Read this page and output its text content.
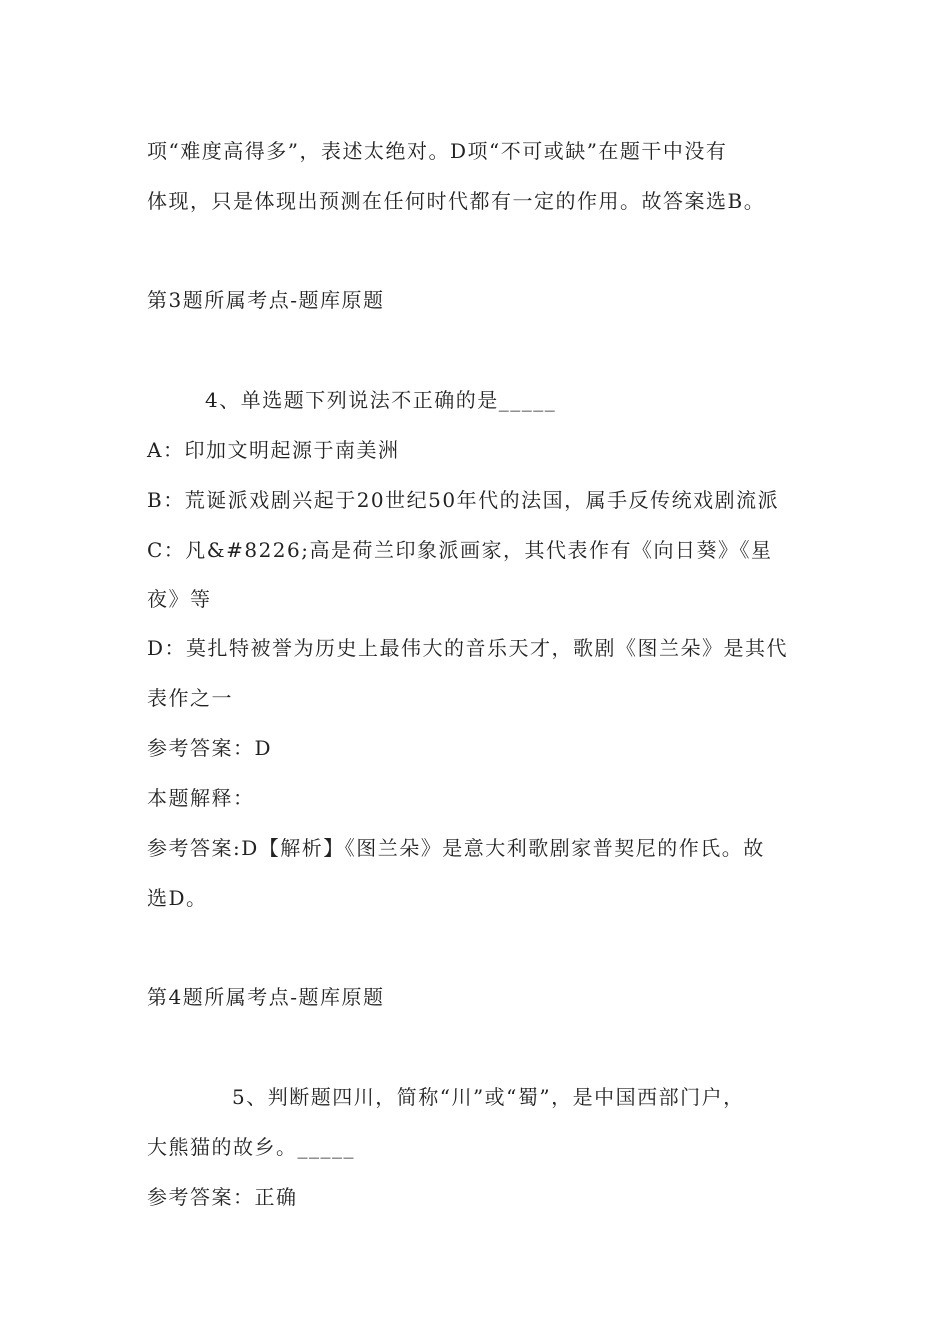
项“难度高得多”，表述太绝对。D项“不可或缺”在题干中没有
体现，只是体现出预测在任何时代都有一定的作用。故答案选B。
第3题所属考点-题库原题
4、单选题下列说法不正确的是_____
A：印加文明起源于南美洲
B：荒诞派戏剧兴起于20世纪50年代的法国，属手反传统戏剧流派
C：凡&#8226;高是荷兰印象派画家，其代表作有《向日葵》《星
夜》等
D：莫扎特被誉为历史上最伟大的音乐天才，歌剧《图兰朵》是其代
表作之一
参考答案：D
本题解释：
参考答案:D【解析】《图兰朵》是意大利歌剧家普契尼的作氏。故
选D。
第4题所属考点-题库原题
5、判断题四川，简称“川”或“蜀”，是中国西部门户，
大熊猫的故乡。_____
参考答案：正确
